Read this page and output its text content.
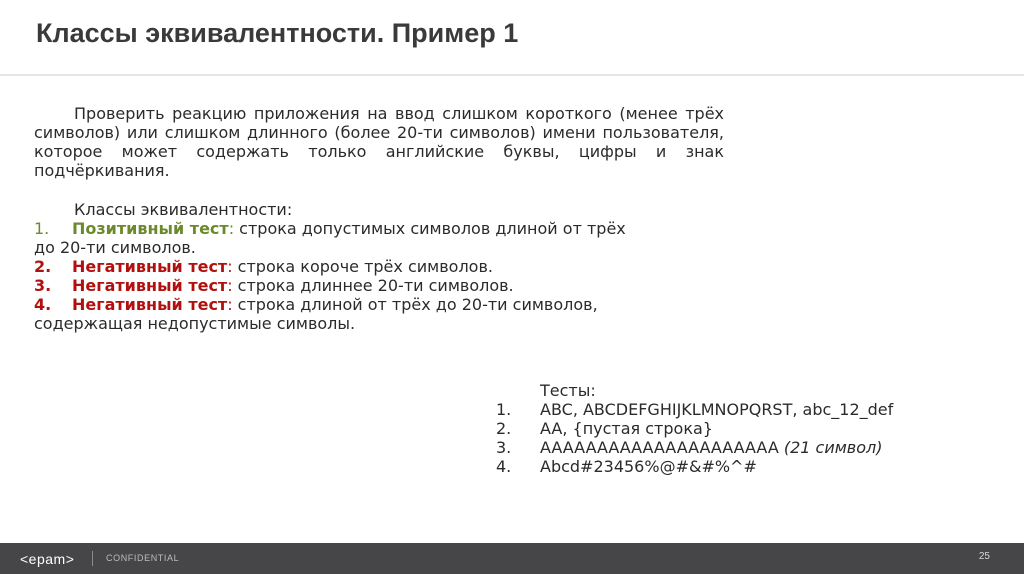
Классы эквивалентности. Пример 1

Проверить реакцию приложения на ввод слишком короткого (менее трёх символов) или слишком длинного (более 20-ти символов) имени пользователя, которое может содержать только английские буквы, цифры и знак подчёркивания.

Классы эквивалентности:
1. Позитивный тест: строка допустимых символов длиной от трёх до 20-ти символов.
2. Негативный тест: строка короче трёх символов.
3. Негативный тест: строка длиннее 20-ти символов.
4. Негативный тест: строка длиной от трёх до 20-ти символов, содержащая недопустимые символы.
Тесты:
1. ABC, ABCDEFGHIJKLMNOPQRST, abc_12_def
2. AA, {пустая строка}
3. AAAAAAAAAAAAAAAAAAAAA (21 символ)
4. Abcd#23456%@#&#%^#
<epam>	CONFIDENTIAL	25
